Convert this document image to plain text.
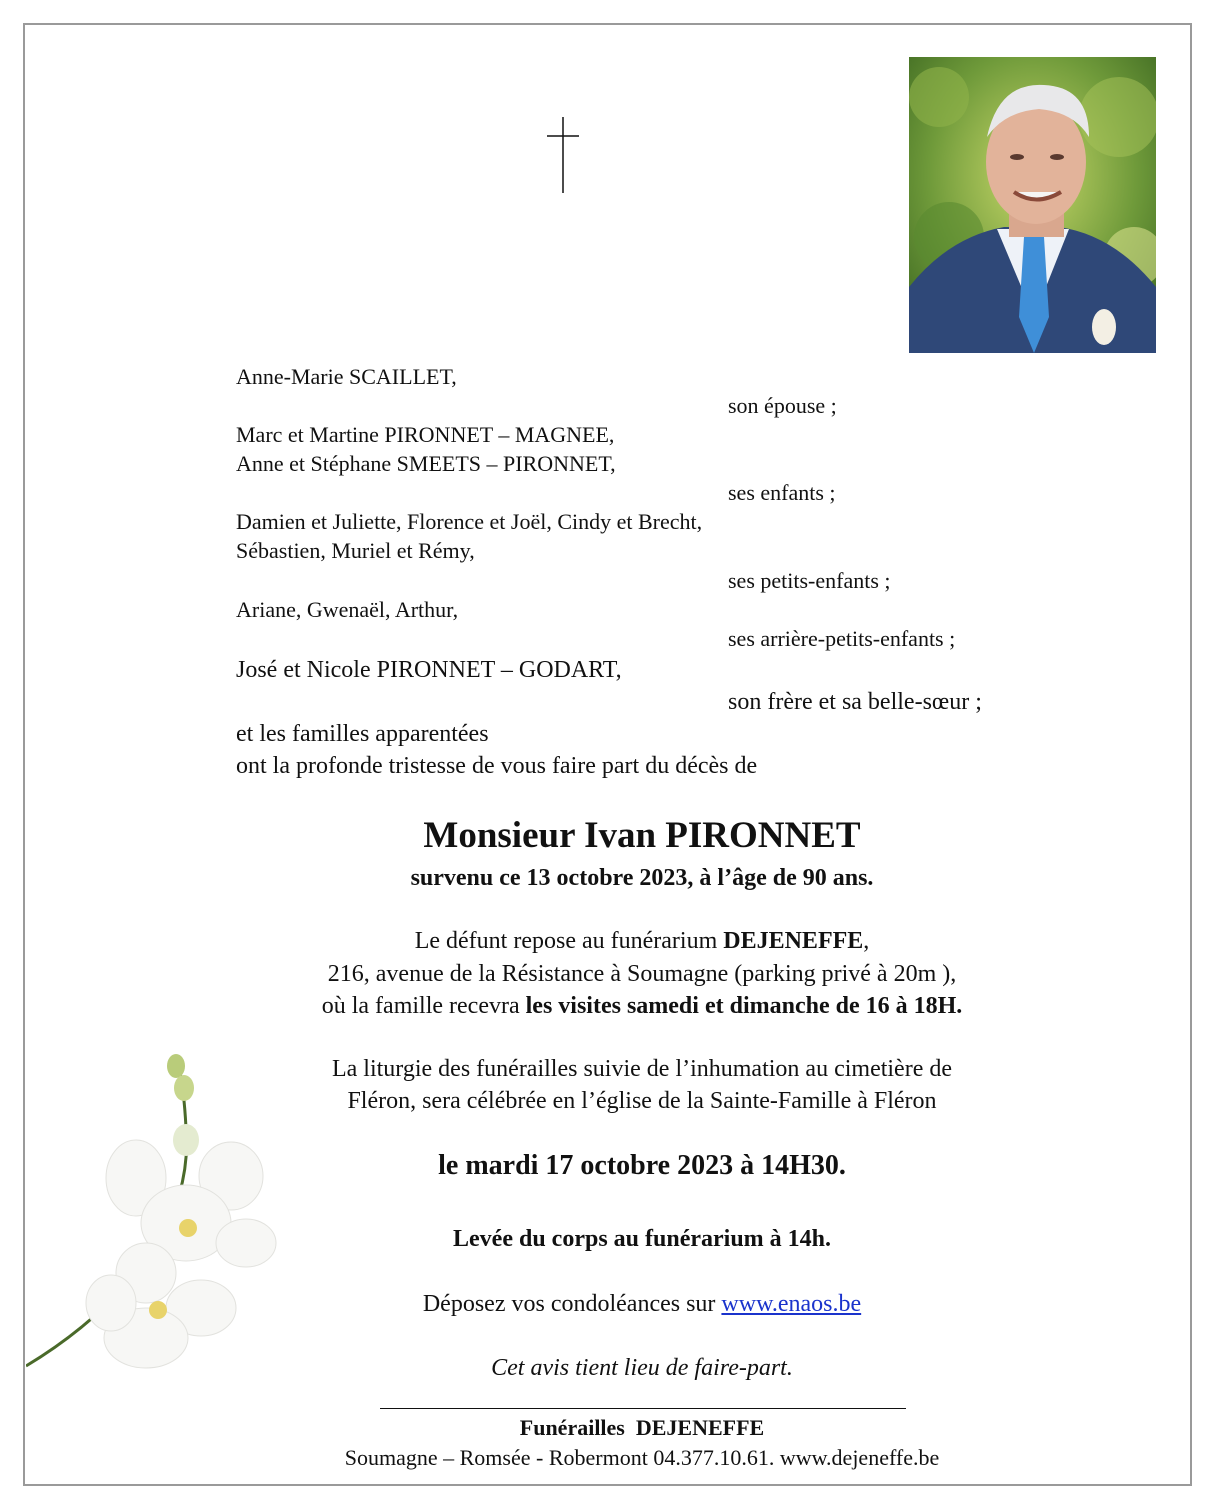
Anne-Marie SCAILLET,
son épouse ;
Marc et Martine PIRONNET – MAGNEE,
Anne et Stéphane SMEETS – PIRONNET,
ses enfants ;
Damien et Juliette, Florence et Joël, Cindy et Brecht,
Sébastien, Muriel et Rémy,
ses petits-enfants ;
Ariane, Gwenaël, Arthur,
ses arrière-petits-enfants ;
José et Nicole PIRONNET – GODART,
son frère et sa belle-sœur ;
et les familles apparentées
ont la profonde tristesse de vous faire part du décès de
Monsieur Ivan PIRONNET
survenu ce 13 octobre 2023, à l’âge de 90 ans.
Le défunt repose au funérarium DEJENEFFE,
216, avenue de la Résistance à Soumagne (parking privé à 20m ),
où la famille recevra les visites samedi et dimanche de 16 à 18H.
La liturgie des funérailles suivie de l’inhumation au cimetière de
Fléron, sera célébrée en l’église de la Sainte-Famille à Fléron
le mardi 17 octobre 2023 à 14H30.
Levée du corps au funérarium à 14h.
Déposez vos condoléances sur www.enaos.be
Cet avis tient lieu de faire-part.
Funérailles  DEJENEFFE
Soumagne – Romsée - Robermont 04.377.10.61. www.dejeneffe.be
